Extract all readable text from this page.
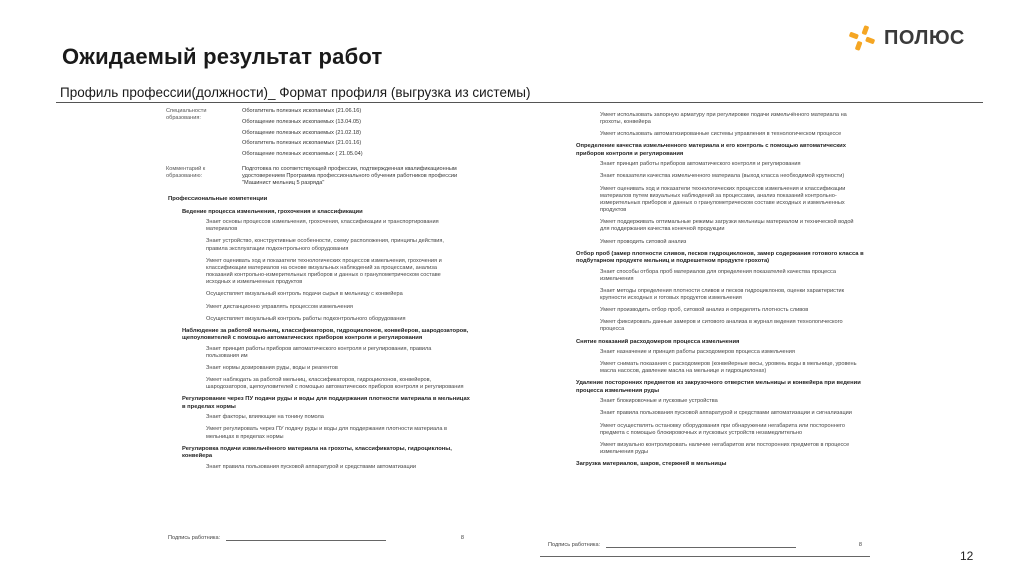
Ожидаемый результат работ
Профиль профессии(должности)_ Формат профиля (выгрузка из системы)
ПОЛЮС
Специальности образования:
Обогатитель полезных ископаемых (21.06.16)
Обогащение полезных ископаемых (13.04.05)
Обогащение полезных ископаемых (21.02.18)
Обогатитель полезных ископаемых (21.01.16)
Обогащение полезных ископаемых ( 21.05.04)
Комментарий к образованию:
Подготовка по соответствующей профессии, подтвержденная квалификационным удостоверением Программа профессионального обучения работников профессии "Машинист мельниц 5 разряда"
Профессиональные компетенции
Ведение процесса измельчения, грохочения и классификации
Знает основы процессов измельчения, грохочения, классификации и транспортирования материалов
Знает устройство, конструктивные особенности, схему расположения, принципы действия, правила эксплуатации подконтрольного оборудования
Умеет оценивать ход и показатели технологических процессов измельчения, грохочения и классификации материалов на основе визуальных наблюдений за процессами, анализа показаний контрольно-измерительных приборов и данных о гранулометрическом составе исходных и измельченных продуктов
Осуществляет визуальный контроль подачи сырья в мельницу с конвейера
Умеет дистанционно управлять процессом измельчения
Осуществляет визуальный контроль работы подконтрольного оборудования
Наблюдение за работой мельниц, классификаторов, гидроциклонов, конвейеров, шародозаторов, щепоуловителей с помощью автоматических приборов контроля и регулирования
Знает принцип работы приборов автоматического контроля и регулирования, правила пользования им
Знает нормы дозирования руды, воды и реагентов
Умеет наблюдать за работой мельниц, классификаторов, гидроциклонов, конвейеров, шародозаторов, щепоуловителей с помощью автоматических приборов контроля и регулирования
Регулирование через ПУ подачи руды и воды для поддержания плотности материала в мельницах в пределах нормы
Знает факторы, влияющие на тонину помола
Умеет регулировать через ПУ подачу руды и воды для поддержания плотности материала в мельницах в пределах нормы
Регулировка подачи измельчённого материала на грохоты, классификаторы, гидроциклоны, конвейера
Знает правила пользования пусковой аппаратурой и средствами автоматизации
Подпись работника:	8
Умеет использовать запорную арматуру при регулировке подачи измельчённого материала на грохоты, конвейера
Умеет использовать автоматизированные системы управления в технологическом процессе
Определение качества измельченного материала и его контроль с помощью автоматических приборов контроля и регулирования
Знает принцип работы приборов автоматического контроля и регулирования
Знает показатели качества измельченного материала (выход класса необходимой крупности)
Умеет оценивать ход и показатели технологических процессов измельчения и классификации материалов путем визуальных наблюдений за процессами, анализ показаний контрольно-измерительных приборов и данных о гранулометрическом составе исходных и измельченных продуктов
Умеет поддерживать оптимальные режимы загрузки мельницы материалом и технической водой для поддержания качества конечной продукции
Умеет проводить ситовой анализ
Отбор проб (замер плотности сливов, песков гидроциклонов, замер содержания готового класса в подбутарном продукте мельниц и подрешетном продукте грохота)
Знает способы отбора проб материалов для определения показателей качества процесса измельчения
Знает методы определения плотности сливов и песков гидроциклонов, оценки характеристик крупности исходных и готовых продуктов измельчения
Умеет производить отбор проб, ситовой анализ и определять плотность сливов
Умеет фиксировать данные замеров и ситового анализа в журнал ведения технологического процесса
Снятие показаний расходомеров процесса измельчения
Знает назначение и принцип работы расходомеров процесса измельчения
Умеет снимать показания с расходомеров (конвейерные весы, уровень воды в мельнице, уровень масла насосов, давление масла на мельнице и гидроциклонах)
Удаление посторонних предметов из закрузочного отверстия мельницы и конвейера при ведении процесса измельчения руды
Знает блокировочные и пусковые устройства
Знает правила пользования пусковой аппаратурой и средствами автоматизации и сигнализации
Умеет осуществлять остановку оборудования при обнаружении негабарита или постороннего предмета с помощью блокировочных и пусковых устройств незамедлительно
Умеет визуально контролировать наличие негабаритов или посторонних предметов в процессе измельчения руды
Загрузка материалов, шаров, стержней в мельницы
Подпись работника:	8
12
